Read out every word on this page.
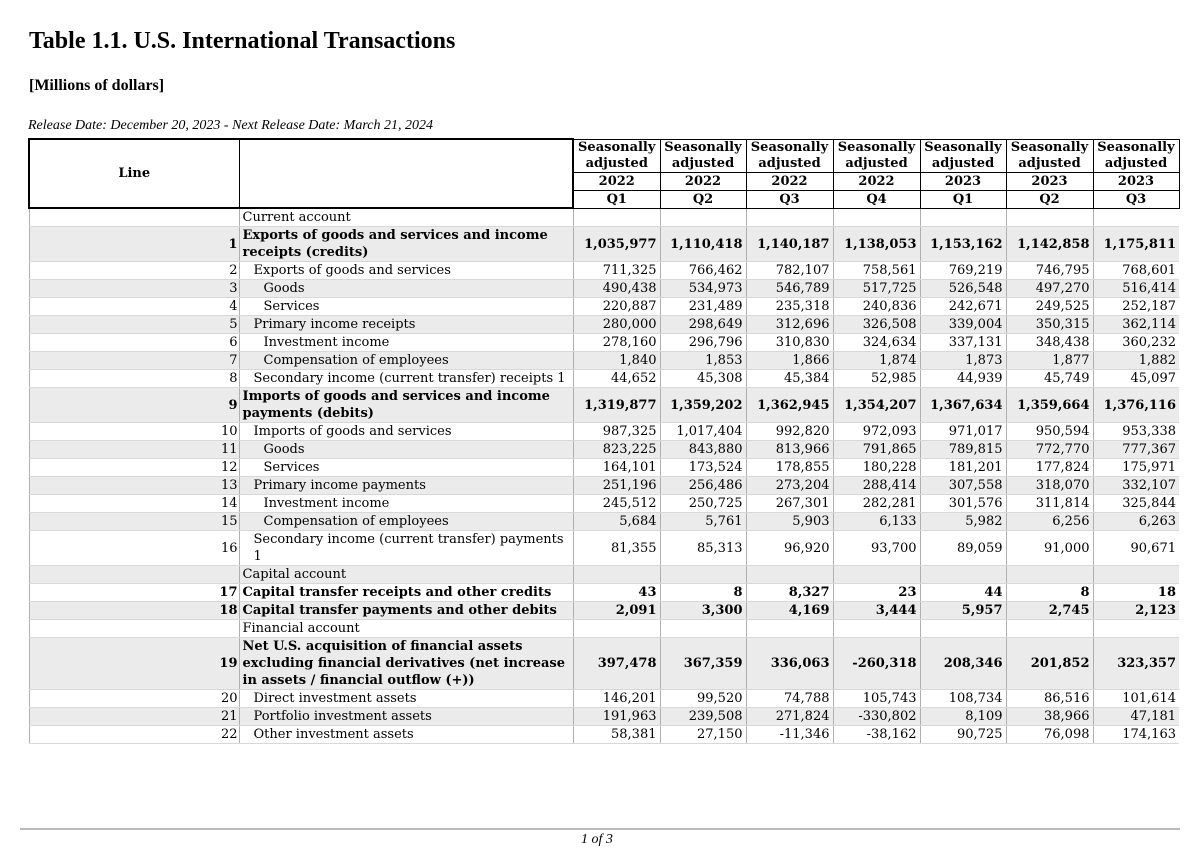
Table 1.1. U.S. International Transactions
[Millions of dollars]
Release Date: December 20, 2023 - Next Release Date: March 21, 2024
Line		Seasonally adjusted	Seasonally adjusted	Seasonally adjusted	Seasonally adjusted	Seasonally adjusted	Seasonally adjusted	Seasonally adjusted
		2022	2022	2022	2022	2023	2023	2023
		Q1	Q2	Q3	Q4	Q1	Q2	Q3
	Current account							
1	Exports of goods and services and income receipts (credits)	1,035,977	1,110,418	1,140,187	1,138,053	1,153,162	1,142,858	1,175,811
2	Exports of goods and services	711,325	766,462	782,107	758,561	769,219	746,795	768,601
3	Goods	490,438	534,973	546,789	517,725	526,548	497,270	516,414
4	Services	220,887	231,489	235,318	240,836	242,671	249,525	252,187
5	Primary income receipts	280,000	298,649	312,696	326,508	339,004	350,315	362,114
6	Investment income	278,160	296,796	310,830	324,634	337,131	348,438	360,232
7	Compensation of employees	1,840	1,853	1,866	1,874	1,873	1,877	1,882
8	Secondary income (current transfer) receipts 1	44,652	45,308	45,384	52,985	44,939	45,749	45,097
9	Imports of goods and services and income payments (debits)	1,319,877	1,359,202	1,362,945	1,354,207	1,367,634	1,359,664	1,376,116
10	Imports of goods and services	987,325	1,017,404	992,820	972,093	971,017	950,594	953,338
11	Goods	823,225	843,880	813,966	791,865	789,815	772,770	777,367
12	Services	164,101	173,524	178,855	180,228	181,201	177,824	175,971
13	Primary income payments	251,196	256,486	273,204	288,414	307,558	318,070	332,107
14	Investment income	245,512	250,725	267,301	282,281	301,576	311,814	325,844
15	Compensation of employees	5,684	5,761	5,903	6,133	5,982	6,256	6,263
16	Secondary income (current transfer) payments 1	81,355	85,313	96,920	93,700	89,059	91,000	90,671
	Capital account							
17	Capital transfer receipts and other credits	43	8	8,327	23	44	8	18
18	Capital transfer payments and other debits	2,091	3,300	4,169	3,444	5,957	2,745	2,123
	Financial account							
19	Net U.S. acquisition of financial assets excluding financial derivatives (net increase in assets / financial outflow (+))	397,478	367,359	336,063	-260,318	208,346	201,852	323,357
20	Direct investment assets	146,201	99,520	74,788	105,743	108,734	86,516	101,614
21	Portfolio investment assets	191,963	239,508	271,824	-330,802	8,109	38,966	47,181
22	Other investment assets	58,381	27,150	-11,346	-38,162	90,725	76,098	174,163
1 of 3
